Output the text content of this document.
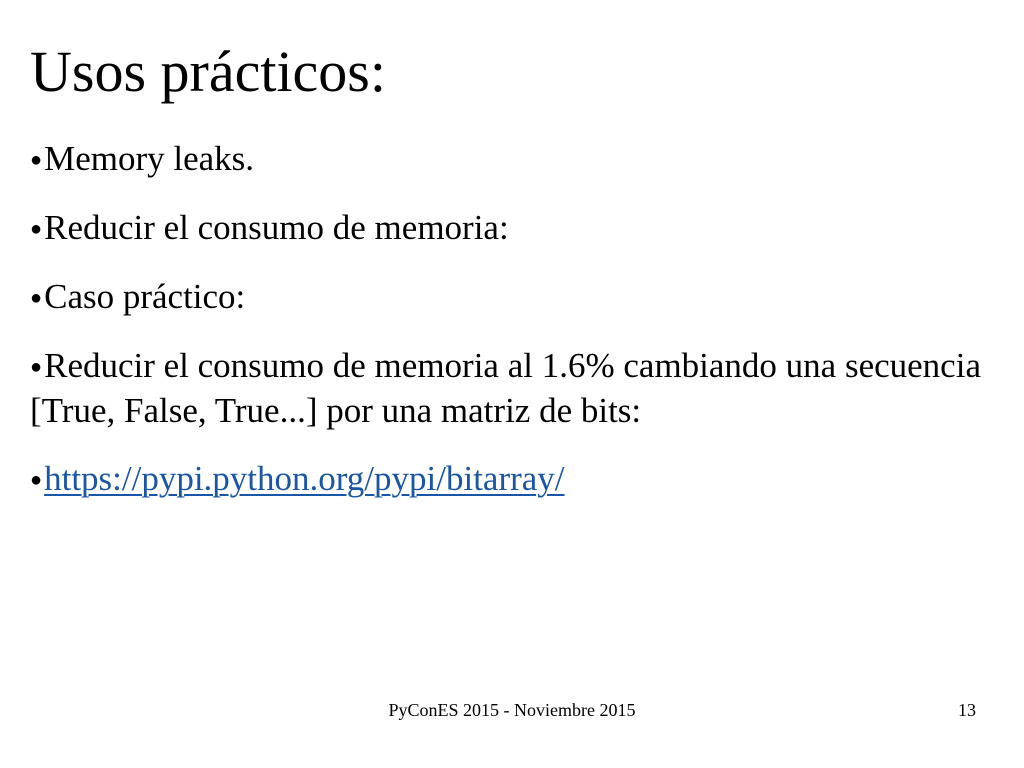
Usos prácticos:
●Memory leaks.
●Reducir el consumo de memoria:
●Caso práctico:
●Reducir el consumo de memoria al 1.6% cambiando una secuencia [True, False, True...] por una matriz de bits:
●https://pypi.python.org/pypi/bitarray/
PyConES 2015 - Noviembre 2015	13
